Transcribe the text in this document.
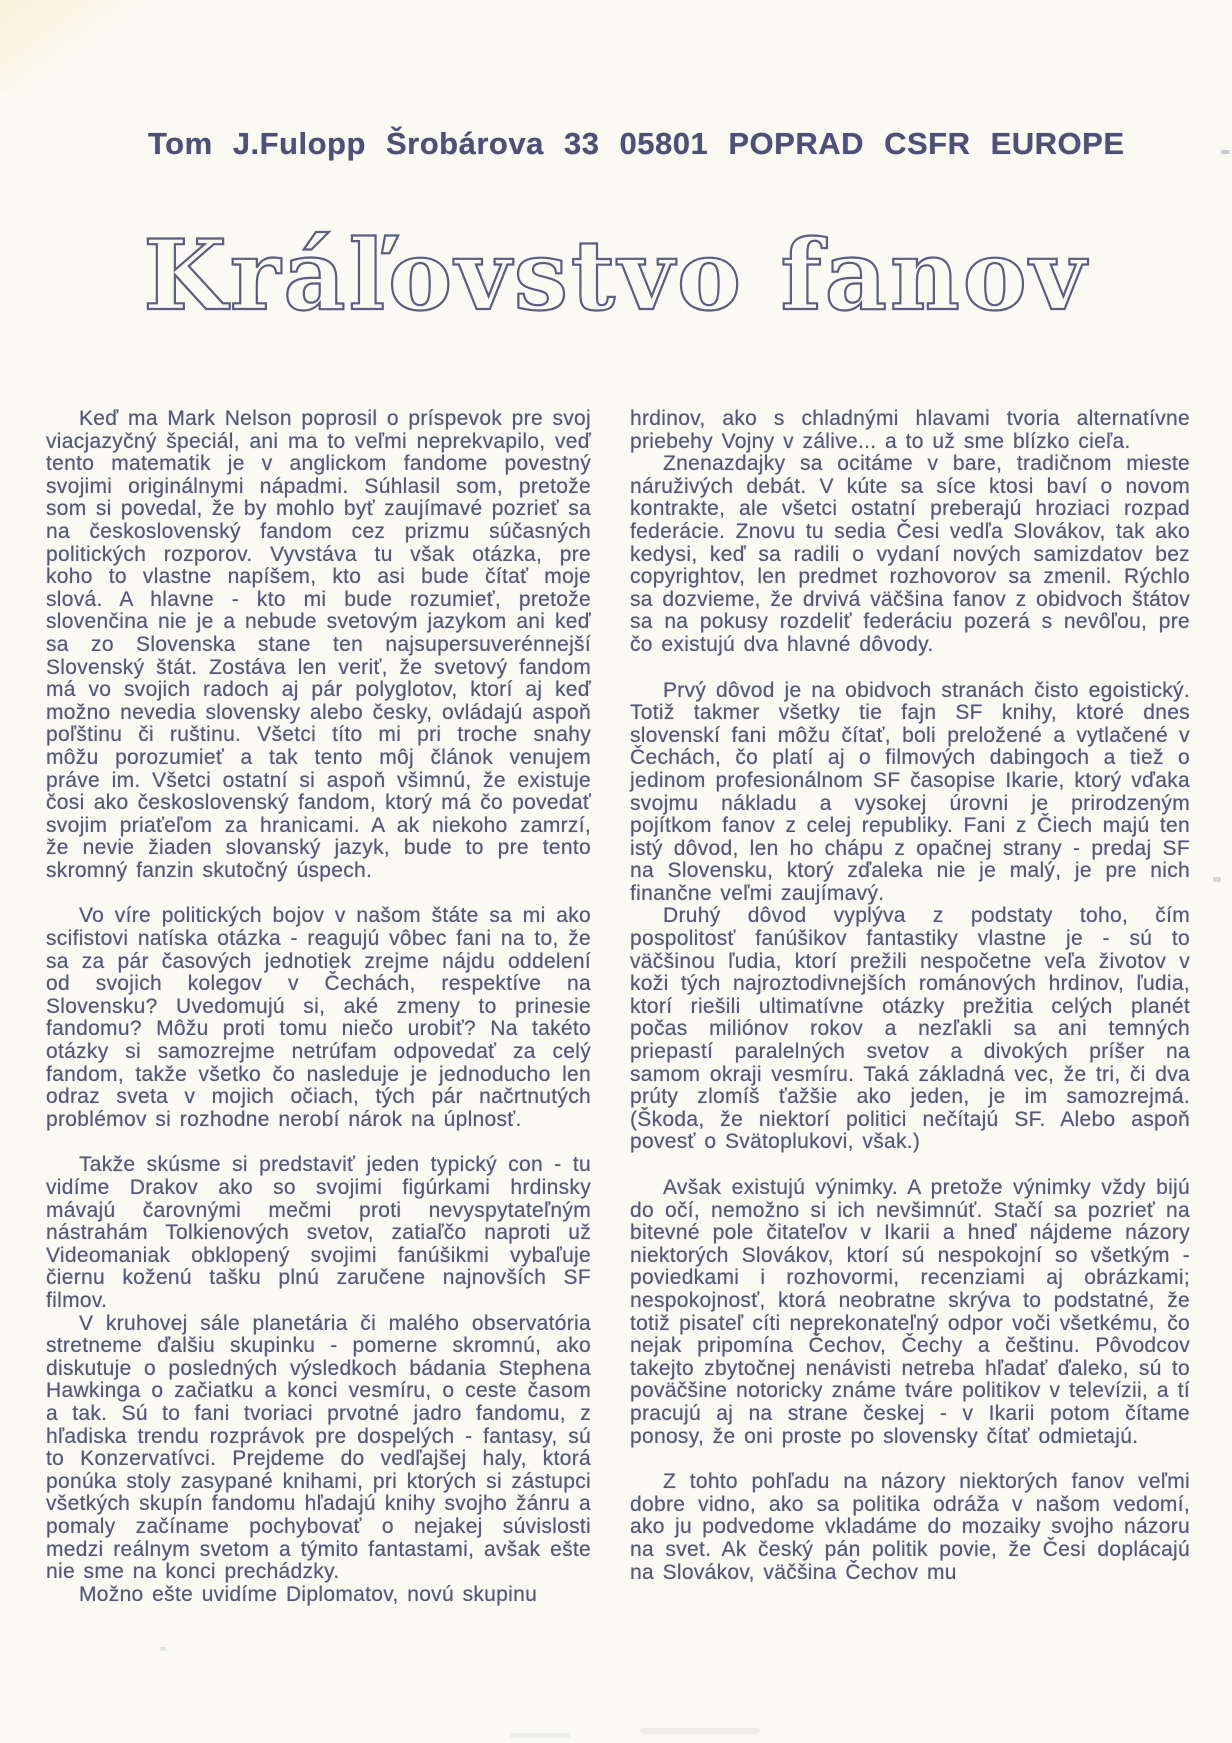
Tom J.Fulopp Šrobárova 33 05801 POPRAD CSFR EUROPE
Kráľovstvo fanov Kráľovstvo fanov

Keď ma Mark Nelson poprosil o príspevok pre svoj viacjazyčný špeciál, ani ma to veľmi neprekvapilo, veď tento matematik je v anglickom fandome povestný svojimi originálnymi nápadmi. Súhlasil som, pretože som si povedal, že by mohlo byť zaujímavé pozrieť sa na československý fandom cez prizmu súčasných politických rozporov. Vyvstáva tu však otázka, pre koho to vlastne napíšem, kto asi bude čítať moje slová. A hlavne - kto mi bude rozumieť, pretože slovenčina nie je a nebude svetovým jazykom ani keď sa zo Slovenska stane ten najsupersuverénnejší Slovenský štát. Zostáva len veriť, že svetový fandom má vo svojich radoch aj pár polyglotov, ktorí aj keď možno nevedia slovensky alebo česky, ovládajú aspoň poľštinu či ruštinu. Všetci títo mi pri troche snahy môžu porozumieť a tak tento môj článok venujem práve im. Všetci ostatní si aspoň všimnú, že existuje čosi ako československý fandom, ktorý má čo povedať svojim priaťeľom za hranicami. A ak niekoho zamrzí, že nevie žiaden slovanský jazyk, bude to pre tento skromný fanzin skutočný úspech.

Vo víre politických bojov v našom štáte sa mi ako scifistovi natíska otázka - reagujú vôbec fani na to, že sa za pár časových jednotiek zrejme nájdu oddelení od svojich kolegov v Čechách, respektíve na Slovensku? Uvedomujú si, aké zmeny to prinesie fandomu? Môžu proti tomu niečo urobiť? Na takéto otázky si samozrejme netrúfam odpovedať za celý fandom, takže všetko čo nasleduje je jednoducho len odraz sveta v mojich očiach, tých pár načrtnutých problémov si rozhodne nerobí nárok na úplnosť.

Takže skúsme si predstaviť jeden typický con - tu vidíme Drakov ako so svojimi figúrkami hrdinsky mávajú čarovnými mečmi proti nevyspytateľným nástrahám Tolkienových svetov, zatiaľčo naproti už Videomaniak obklopený svojimi fanúšikmi vybaľuje čiernu koženú tašku plnú zaručene najnovších SF filmov.

V kruhovej sále planetária či malého observatória stretneme ďalšiu skupinku - pomerne skromnú, ako diskutuje o posledných výsledkoch bádania Stephena Hawkinga o začiatku a konci vesmíru, o ceste časom a tak. Sú to fani tvoriaci prvotné jadro fandomu, z hľadiska trendu rozprávok pre dospelých - fantasy, sú to Konzervatívci. Prejdeme do vedľajšej haly, ktorá ponúka stoly zasypané knihami, pri ktorých si zástupci všetkých skupín fandomu hľadajú knihy svojho žánru a pomaly začíname pochybovať o nejakej súvislosti medzi reálnym svetom a týmito fantastami, avšak ešte nie sme na konci prechádzky.

Možno ešte uvidíme Diplomatov, novú skupinu

hrdinov, ako s chladnými hlavami tvoria alternatívne priebehy Vojny v zálive... a to už sme blízko cieľa.

Znenazdajky sa ocitáme v bare, tradičnom mieste náruživých debát. V kúte sa síce ktosi baví o novom kontrakte, ale všetci ostatní preberajú hroziaci rozpad federácie. Znovu tu sedia Česi vedľa Slovákov, tak ako kedysi, keď sa radili o vydaní nových samizdatov bez copyrightov, len predmet rozhovorov sa zmenil. Rýchlo sa dozvieme, že drvivá väčšina fanov z obidvoch štátov sa na pokusy rozdeliť federáciu pozerá s nevôľou, pre čo existujú dva hlavné dôvody.

Prvý dôvod je na obidvoch stranách čisto egoistický. Totiž takmer všetky tie fajn SF knihy, ktoré dnes slovenskí fani môžu čítať, boli preložené a vytlačené v Čechách, čo platí aj o filmových dabingoch a tiež o jedinom profesionálnom SF časopise Ikarie, ktorý vďaka svojmu nákladu a vysokej úrovni je prirodzeným pojítkom fanov z celej republiky. Fani z Čiech majú ten istý dôvod, len ho chápu z opačnej strany - predaj SF na Slovensku, ktorý zďaleka nie je malý, je pre nich finančne veľmi zaujímavý.

Druhý dôvod vyplýva z podstaty toho, čím pospolitosť fanúšikov fantastiky vlastne je - sú to väčšinou ľudia, ktorí prežili nespočetne veľa životov v koži tých najroztodivnejších románových hrdinov, ľudia, ktorí riešili ultimatívne otázky prežitia celých planét počas miliónov rokov a nezľakli sa ani temných priepastí paralelných svetov a divokých príšer na samom okraji vesmíru. Taká základná vec, že tri, či dva prúty zlomíš ťažšie ako jeden, je im samozrejmá. (Škoda, že niektorí politici nečítajú SF. Alebo aspoň povesť o Svätoplukovi, však.)

Avšak existujú výnimky. A pretože výnimky vždy bijú do očí, nemožno si ich nevšimnúť. Stačí sa pozrieť na bitevné pole čitateľov v Ikarii a hneď nájdeme názory niektorých Slovákov, ktorí sú nespokojní so všetkým - poviedkami i rozhovormi, recenziami aj obrázkami; nespokojnosť, ktorá neobratne skrýva to podstatné, že totiž pisateľ cíti neprekonateľný odpor voči všetkému, čo nejak pripomína Čechov, Čechy a češtinu. Pôvodcov takejto zbytočnej nenávisti netreba hľadať ďaleko, sú to poväčšine notoricky známe tváre politikov v televízii, a tí pracujú aj na strane českej - v Ikarii potom čítame ponosy, že oni proste po slovensky čítať odmietajú.

Z tohto pohľadu na názory niektorých fanov veľmi dobre vidno, ako sa politika odráža v našom vedomí, ako ju podvedome vkladáme do mozaiky svojho názoru na svet. Ak český pán politik povie, že Česi doplácajú na Slovákov, väčšina Čechov mu
